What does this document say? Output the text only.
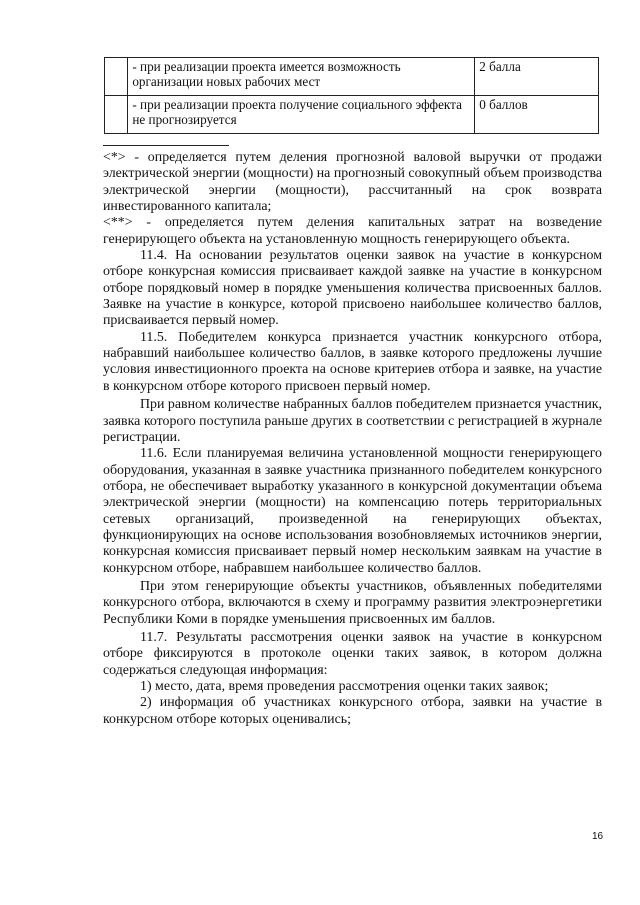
	- при реализации проекта имеется возможность организации новых рабочих мест	2 балла
	- при реализации проекта получение социального эффекта не прогнозируется	0 баллов

<*> - определяется путем деления прогнозной валовой выручки от продажи электрической энергии (мощности) на прогнозный совокупный объем производства электрической энергии (мощности), рассчитанный на срок возврата инвестированного капитала;

<**> - определяется путем деления капитальных затрат на возведение генерирующего объекта на установленную мощность генерирующего объекта.

11.4. На основании результатов оценки заявок на участие в конкурсном отборе конкурсная комиссия присваивает каждой заявке на участие в конкурсном отборе порядковый номер в порядке уменьшения количества присвоенных баллов. Заявке на участие в конкурсе, которой присвоено наибольшее количество баллов, присваивается первый номер.

11.5. Победителем конкурса признается участник конкурсного отбора, набравший наибольшее количество баллов, в заявке которого предложены лучшие условия инвестиционного проекта на основе критериев отбора и заявке, на участие в конкурсном отборе которого присвоен первый номер.

При равном количестве набранных баллов победителем признается участник, заявка которого поступила раньше других в соответствии с регистрацией в журнале регистрации.

11.6. Если планируемая величина установленной мощности генерирующего оборудования, указанная в заявке участника признанного победителем конкурсного отбора, не обеспечивает выработку указанного в конкурсной документации объема электрической энергии (мощности) на компенсацию потерь территориальных сетевых организаций, произведенной на генерирующих объектах, функционирующих на основе использования возобновляемых источников энергии, конкурсная комиссия присваивает первый номер нескольким заявкам на участие в конкурсном отборе, набравшем наибольшее количество баллов.

При этом генерирующие объекты участников, объявленных победителями конкурсного отбора, включаются в схему и программу развития электроэнергетики Республики Коми в порядке уменьшения присвоенных им баллов.

11.7. Результаты рассмотрения оценки заявок на участие в конкурсном отборе фиксируются в протоколе оценки таких заявок, в котором должна содержаться следующая информация:

1) место, дата, время проведения рассмотрения оценки таких заявок;

2) информация об участниках конкурсного отбора, заявки на участие в конкурсном отборе которых оценивались;

16
